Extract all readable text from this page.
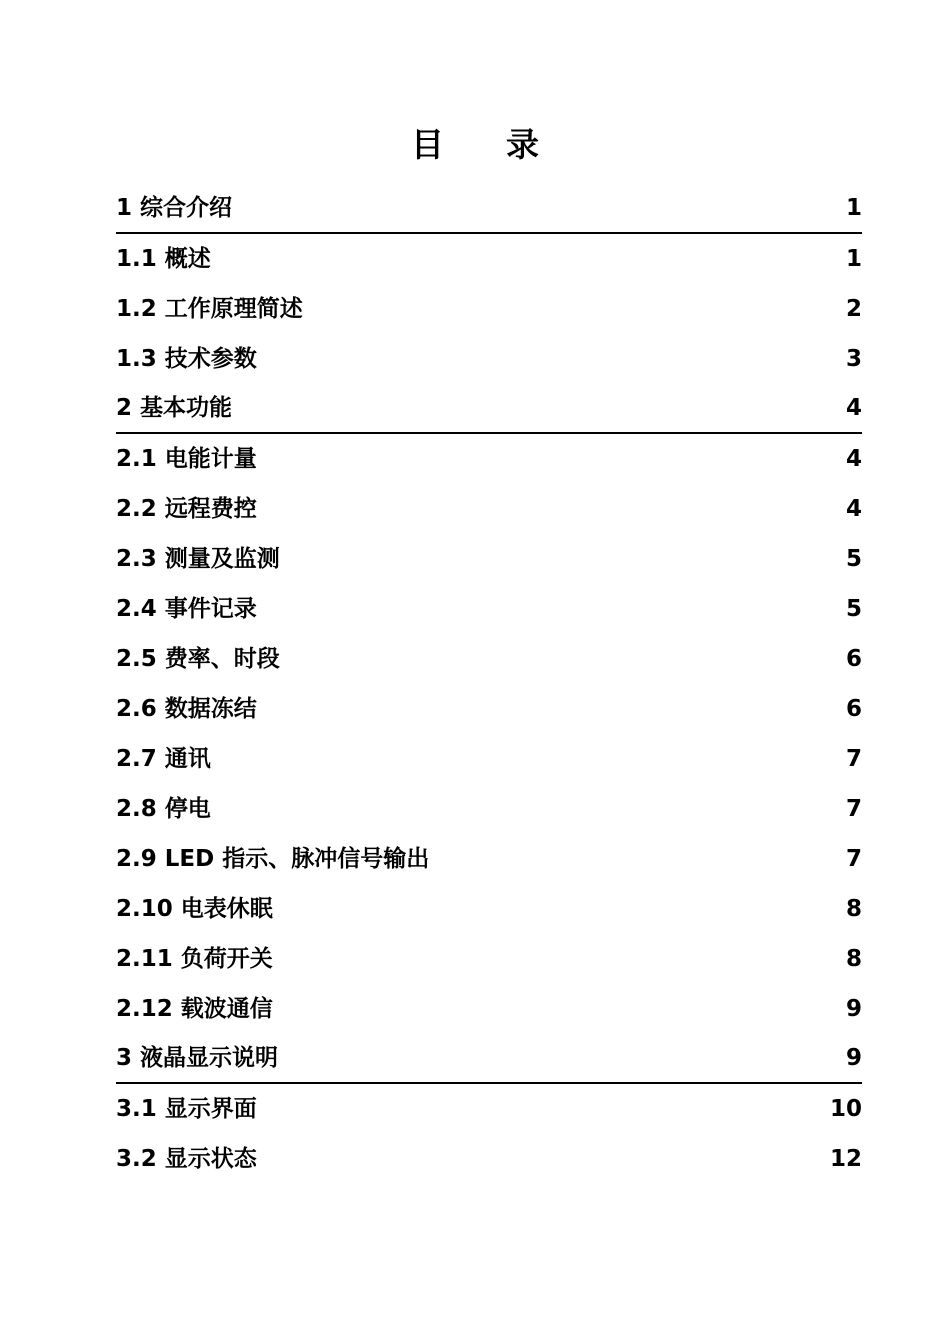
目 录
1 综合介绍	1
1.1 概述	1
1.2 工作原理简述	2
1.3 技术参数	3
2 基本功能	4
2.1 电能计量	4
2.2 远程费控	4
2.3 测量及监测	5
2.4 事件记录	5
2.5 费率、时段	6
2.6 数据冻结	6
2.7 通讯	7
2.8 停电	7
2.9 LED 指示、脉冲信号输出	7
2.10 电表休眠	8
2.11 负荷开关	8
2.12 载波通信	9
3 液晶显示说明	9
3.1 显示界面	10
3.2 显示状态	12
